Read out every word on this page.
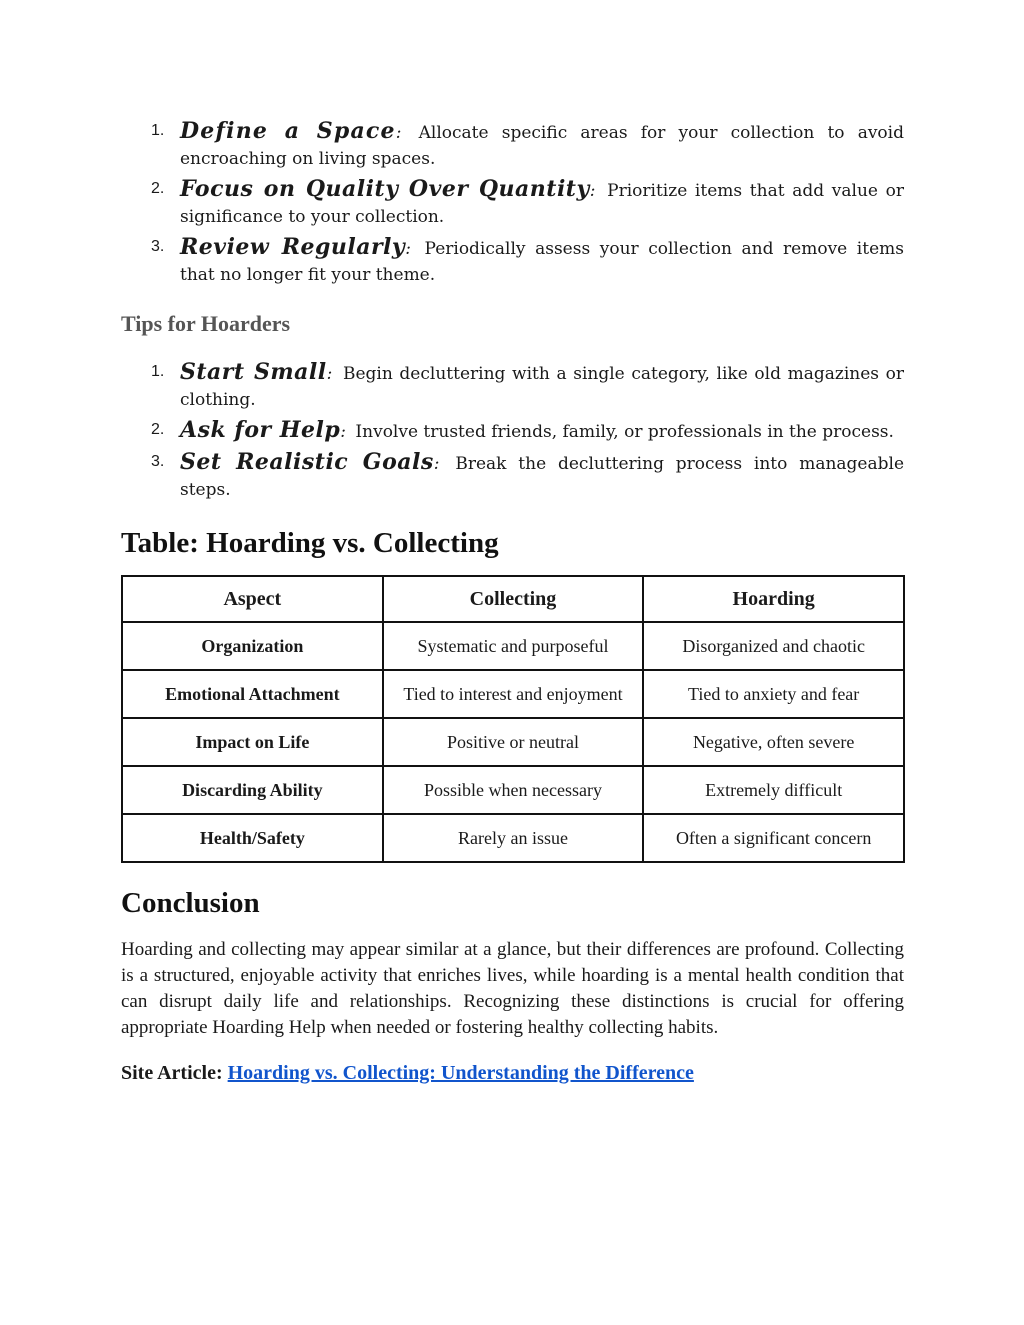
1. Define a Space: Allocate specific areas for your collection to avoid encroaching on living spaces.
2. Focus on Quality Over Quantity: Prioritize items that add value or significance to your collection.
3. Review Regularly: Periodically assess your collection and remove items that no longer fit your theme.
Tips for Hoarders
1. Start Small: Begin decluttering with a single category, like old magazines or clothing.
2. Ask for Help: Involve trusted friends, family, or professionals in the process.
3. Set Realistic Goals: Break the decluttering process into manageable steps.
Table: Hoarding vs. Collecting
Aspect	Collecting	Hoarding
Organization	Systematic and purposeful	Disorganized and chaotic
Emotional Attachment	Tied to interest and enjoyment	Tied to anxiety and fear
Impact on Life	Positive or neutral	Negative, often severe
Discarding Ability	Possible when necessary	Extremely difficult
Health/Safety	Rarely an issue	Often a significant concern
Conclusion

Hoarding and collecting may appear similar at a glance, but their differences are profound. Collecting is a structured, enjoyable activity that enriches lives, while hoarding is a mental health condition that can disrupt daily life and relationships. Recognizing these distinctions is crucial for offering appropriate Hoarding Help when needed or fostering healthy collecting habits.

Site Article: Hoarding vs. Collecting: Understanding the Difference
